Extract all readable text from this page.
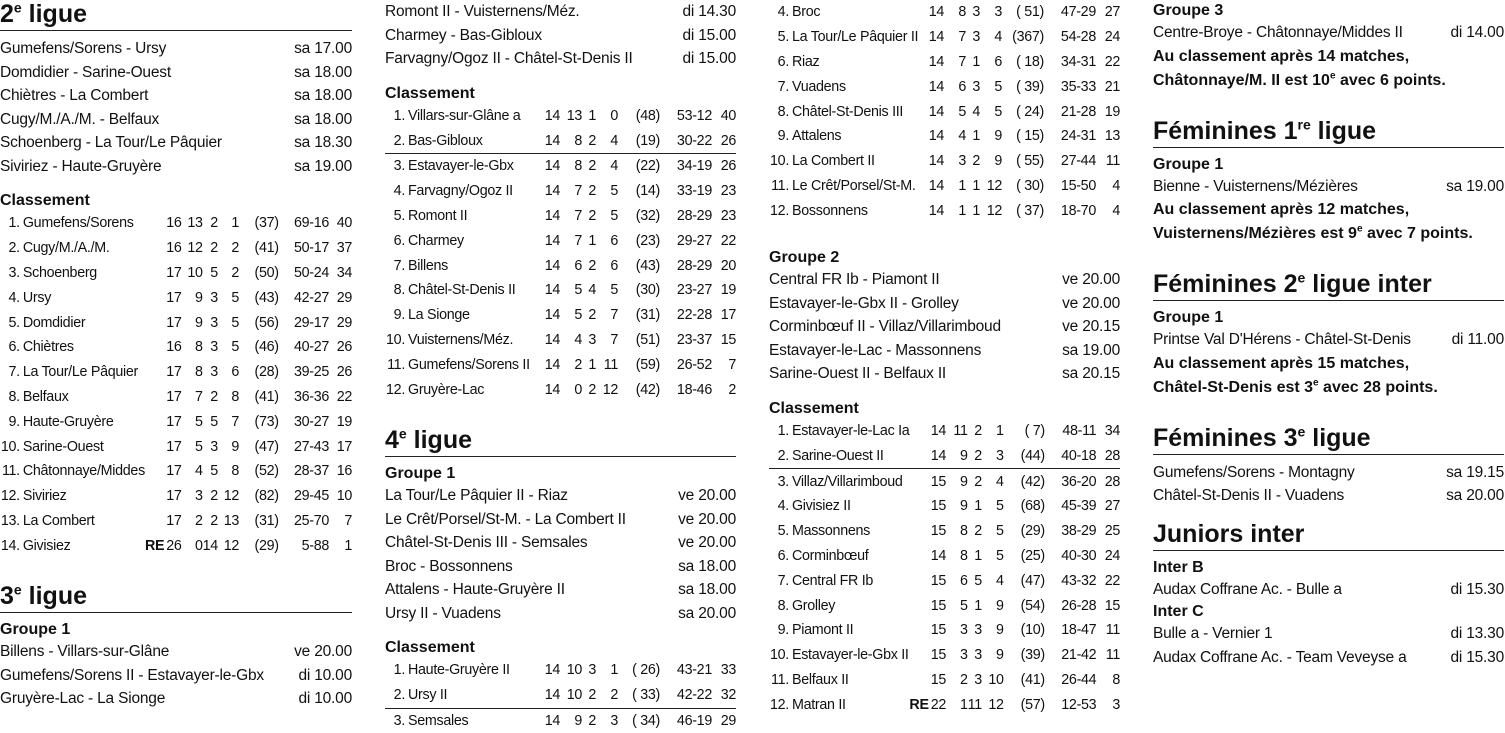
2e ligue
Gumefens/Sorens - Ursy	sa 17.00
Domdidier - Sarine-Ouest	sa 18.00
Chiètres - La Combert	sa 18.00
Cugy/M./A./M. - Belfaux	sa 18.00
Schoenberg - La Tour/Le Pâquier	sa 18.30
Siviriez - Haute-Gruyère	sa 19.00
Classement
1.	Gumefens/Sorens	16	13	2	1	(37)	69-16	40
2.	Cugy/M./A./M.	16	12	2	2	(41)	50-17	37
3.	Schoenberg	17	10	5	2	(50)	50-24	34
4.	Ursy	17	9	3	5	(43)	42-27	29
5.	Domdidier	17	9	3	5	(56)	29-17	29
6.	Chiètres	16	8	3	5	(46)	40-27	26
7.	La Tour/Le Pâquier	17	8	3	6	(28)	39-25	26
8.	Belfaux	17	7	2	8	(41)	36-36	22
9.	Haute-Gruyère	17	5	5	7	(73)	30-27	19
10.	Sarine-Ouest	17	5	3	9	(47)	27-43	17
11.	Châtonnaye/Middes	17	4	5	8	(52)	28-37	16
12.	Siviriez	17	3	2	12	(82)	29-45	10
13.	La Combert	17	2	2	13	(31)	25-70	7
14.	Givisiez	RE 26	0	14	12	(29)	5-88	1
3e ligue
Groupe 1
Billens - Villars-sur-Glâne	ve 20.00
Gumefens/Sorens II - Estavayer-le-Gbx di 10.00
Gruyère-Lac - La Sionge	di 10.00
Romont II - Vuisternens/Méz.	di 14.30
Charmey - Bas-Gibloux	di 15.00
Farvagny/Ogoz II - Châtel-St-Denis II	di 15.00
Classement
1.	Villars-sur-Glâne a	14	13	1	0	(48)	53-12	40
2.	Bas-Gibloux	14	8	2	4	(19)	30-22	26
3.	Estavayer-le-Gbx	14	8	2	4	(22)	34-19	26
4.	Farvagny/Ogoz II	14	7	2	5	(14)	33-19	23
5.	Romont II	14	7	2	5	(32)	28-29	23
6.	Charmey	14	7	1	6	(23)	29-27	22
7.	Billens	14	6	2	6	(43)	28-29	20
8.	Châtel-St-Denis II	14	5	4	5	(30)	23-27	19
9.	La Sionge	14	5	2	7	(31)	22-28	17
10.	Vuisternens/Méz.	14	4	3	7	(51)	23-37	15
11.	Gumefens/Sorens II	14	2	1	11	(59)	26-52	7
12.	Gruyère-Lac	14	0	2	12	(42)	18-46	2
4e ligue
Groupe 1
La Tour/Le Pâquier II - Riaz	ve 20.00
Le Crêt/Porsel/St-M. - La Combert II	ve 20.00
Châtel-St-Denis III - Semsales	ve 20.00
Broc - Bossonnens	sa 18.00
Attalens - Haute-Gruyère II	sa 18.00
Ursy II - Vuadens	sa 20.00
Classement
1.	Haute-Gruyère II	14	10	3	1	( 26)	43-21	33
2.	Ursy II	14	10	2	2	( 33)	42-22	32
3.	Semsales	14	9	2	3	( 34)	46-19	29
4.	Broc	14	8	3	3	( 51)	47-29	27
5.	La Tour/Le Pâquier II	14	7	3	4	(367)	54-28	24
6.	Riaz	14	7	1	6	( 18)	34-31	22
7.	Vuadens	14	6	3	5	( 39)	35-33	21
8.	Châtel-St-Denis III	14	5	4	5	( 24)	21-28	19
9.	Attalens	14	4	1	9	( 15)	24-31	13
10.	La Combert II	14	3	2	9	( 55)	27-44	11
11.	Le Crêt/Porsel/St-M.	14	1	1	12	( 30)	15-50	4
12.	Bossonnens	14	1	1	12	( 37)	18-70	4
Groupe 2
Central FR Ib - Piamont II	ve 20.00
Estavayer-le-Gbx II - Grolley	ve 20.00
Corminbœuf II - Villaz/Villarimboud	ve 20.15
Estavayer-le-Lac - Massonnens	sa 19.00
Sarine-Ouest II - Belfaux II	sa 20.15
Classement
1.	Estavayer-le-Lac Ia	14	11	2	1	( 7)	48-11	34
2.	Sarine-Ouest II	14	9	2	3	(44)	40-18	28
3.	Villaz/Villarimboud	15	9	2	4	(42)	36-20	28
4.	Givisiez II	15	9	1	5	(68)	45-39	27
5.	Massonnens	15	8	2	5	(29)	38-29	25
6.	Corminbœuf	14	8	1	5	(25)	40-30	24
7.	Central FR Ib	15	6	5	4	(47)	43-32	22
8.	Grolley	15	5	1	9	(54)	26-28	15
9.	Piamont II	15	3	3	9	(10)	18-47	11
10.	Estavayer-le-Gbx II	15	3	3	9	(39)	21-42	11
11.	Belfaux II	15	2	3	10	(41)	26-44	8
12.	Matran II	RE 22	1	11	12	(57)	12-53	3
Groupe 3
Centre-Broye - Châtonnaye/Middes II	di 14.00

Au classement après 14 matches,
Châtonnaye/M. II est 10e avec 6 points.

Féminines 1re ligue
Groupe 1
Bienne - Vuisternens/Mézières	sa 19.00

Au classement après 12 matches,
Vuisternens/Mézières est 9e avec 7 points.

Féminines 2e ligue inter
Groupe 1
Printse Val D'Hérens - Châtel-St-Denis	di 11.00

Au classement après 15 matches,
Châtel-St-Denis est 3e avec 28 points.

Féminines 3e ligue
Gumefens/Sorens - Montagny	sa 19.15
Châtel-St-Denis II - Vuadens	sa 20.00
Juniors inter
Inter B
Audax Coffrane Ac. - Bulle a	di 15.30
Inter C
Bulle a - Vernier 1	di 13.30
Audax Coffrane Ac. - Team Veveyse a	di 15.30
